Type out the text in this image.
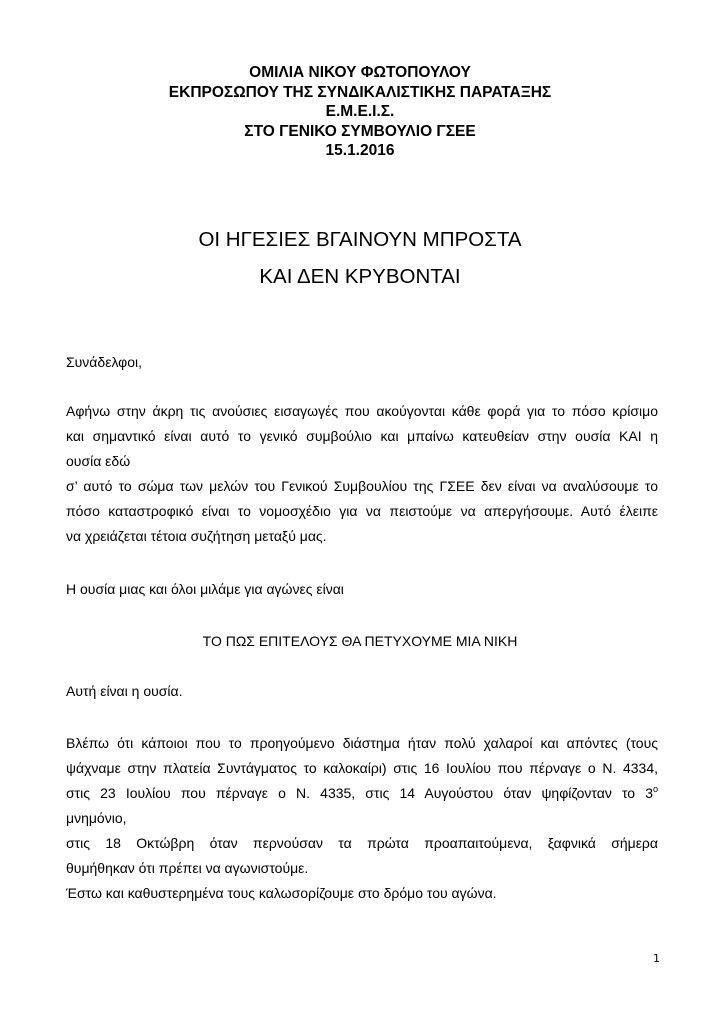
ΟΜΙΛΙΑ ΝΙΚΟΥ ΦΩΤΟΠΟΥΛΟΥ
ΕΚΠΡΟΣΩΠΟΥ ΤΗΣ ΣΥΝΔΙΚΑΛΙΣΤΙΚΗΣ ΠΑΡΑΤΑΞΗΣ
Ε.Μ.Ε.Ι.Σ.
ΣΤΟ ΓΕΝΙΚΟ ΣΥΜΒΟΥΛΙΟ ΓΣΕΕ
15.1.2016
ΟΙ ΗΓΕΣΙΕΣ ΒΓΑΙΝΟΥΝ ΜΠΡΟΣΤΑ
ΚΑΙ ΔΕΝ ΚΡΥΒΟΝΤΑΙ
Συνάδελφοι,
Αφήνω στην άκρη τις ανούσιες εισαγωγές που ακούγονται κάθε φορά για το πόσο κρίσιμο
και σημαντικό είναι αυτό το γενικό συμβούλιο και μπαίνω κατευθείαν στην ουσία ΚΑΙ η
ουσία εδώ
σ’ αυτό το σώμα των μελών του Γενικού Συμβουλίου της ΓΣΕΕ δεν είναι να αναλύσουμε το
πόσο καταστροφικό είναι το νομοσχέδιο για να πειστούμε να απεργήσουμε. Αυτό έλειπε
να χρειάζεται τέτοια συζήτηση μεταξύ μας.
Η ουσία μιας και όλοι μιλάμε για αγώνες είναι
ΤΟ ΠΩΣ ΕΠΙΤΕΛΟΥΣ ΘΑ ΠΕΤΥΧΟΥΜΕ ΜΙΑ ΝΙΚΗ
Αυτή είναι η ουσία.
Βλέπω ότι κάποιοι που το προηγούμενο διάστημα ήταν πολύ χαλαροί και απόντες (τους
ψάχναμε στην πλατεία Συντάγματος το καλοκαίρι) στις 16 Ιουλίου που πέρναγε ο Ν. 4334,
στις 23 Ιουλίου που πέρναγε ο Ν. 4335, στις 14 Αυγούστου όταν ψηφίζονταν το $3^o$
μνημόνιο,
στις 18 Οκτώβρη όταν περνούσαν τα πρώτα προαπαιτούμενα, ξαφνικά σήμερα
θυμήθηκαν ότι πρέπει να αγωνιστούμε.
Έστω και καθυστερημένα τους καλωσορίζουμε στο δρόμο του αγώνα.
1
